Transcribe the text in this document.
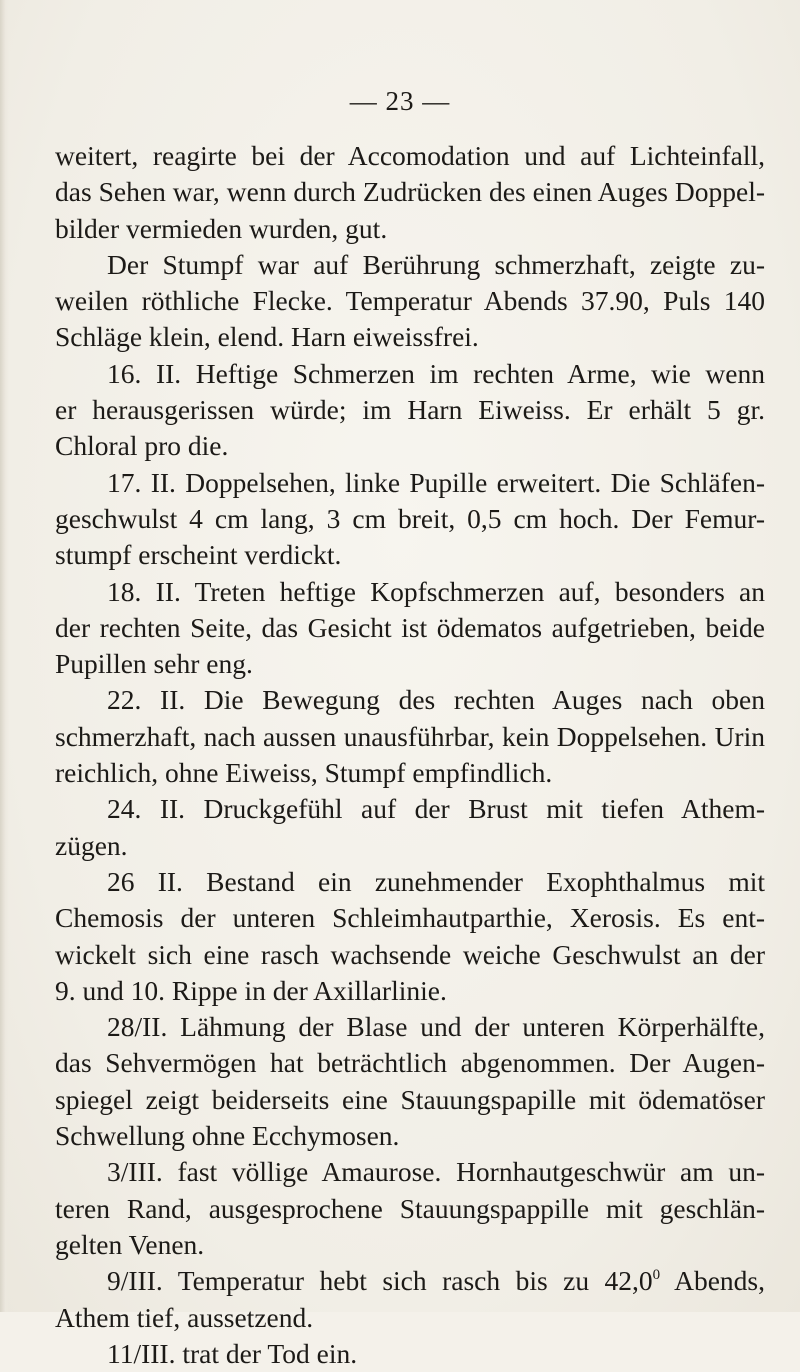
— 23 —
weitert, reagirte bei der Accomodation und auf Lichteinfall,
das Sehen war, wenn durch Zudrücken des einen Auges Doppel-
bilder vermieden wurden, gut.
Der Stumpf war auf Berührung schmerzhaft, zeigte zu-
weilen röthliche Flecke. Temperatur Abends 37.90, Puls 140
Schläge klein, elend. Harn eiweissfrei.
16. II. Heftige Schmerzen im rechten Arme, wie wenn
er herausgerissen würde; im Harn Eiweiss. Er erhält 5 gr.
Chloral pro die.
17. II. Doppelsehen, linke Pupille erweitert. Die Schläfen-
geschwulst 4 cm lang, 3 cm breit, 0,5 cm hoch. Der Femur-
stumpf erscheint verdickt.
18. II. Treten heftige Kopfschmerzen auf, besonders an
der rechten Seite, das Gesicht ist ödematos aufgetrieben, beide
Pupillen sehr eng.
22. II. Die Bewegung des rechten Auges nach oben
schmerzhaft, nach aussen unausführbar, kein Doppelsehen. Urin
reichlich, ohne Eiweiss, Stumpf empfindlich.
24. II. Druckgefühl auf der Brust mit tiefen Athem-
zügen.
26 II. Bestand ein zunehmender Exophthalmus mit
Chemosis der unteren Schleimhautparthie, Xerosis. Es ent-
wickelt sich eine rasch wachsende weiche Geschwulst an der
9. und 10. Rippe in der Axillarlinie.
28/II. Lähmung der Blase und der unteren Körperhälfte,
das Sehvermögen hat beträchtlich abgenommen. Der Augen-
spiegel zeigt beiderseits eine Stauungspapille mit ödematöser
Schwellung ohne Ecchymosen.
3/III. fast völlige Amaurose. Hornhautgeschwür am un-
teren Rand, ausgesprochene Stauungspappille mit geschlän-
gelten Venen.
9/III. Temperatur hebt sich rasch bis zu 42,0$^0$ Abends,
Athem tief, aussetzend.
11/III. trat der Tod ein.
